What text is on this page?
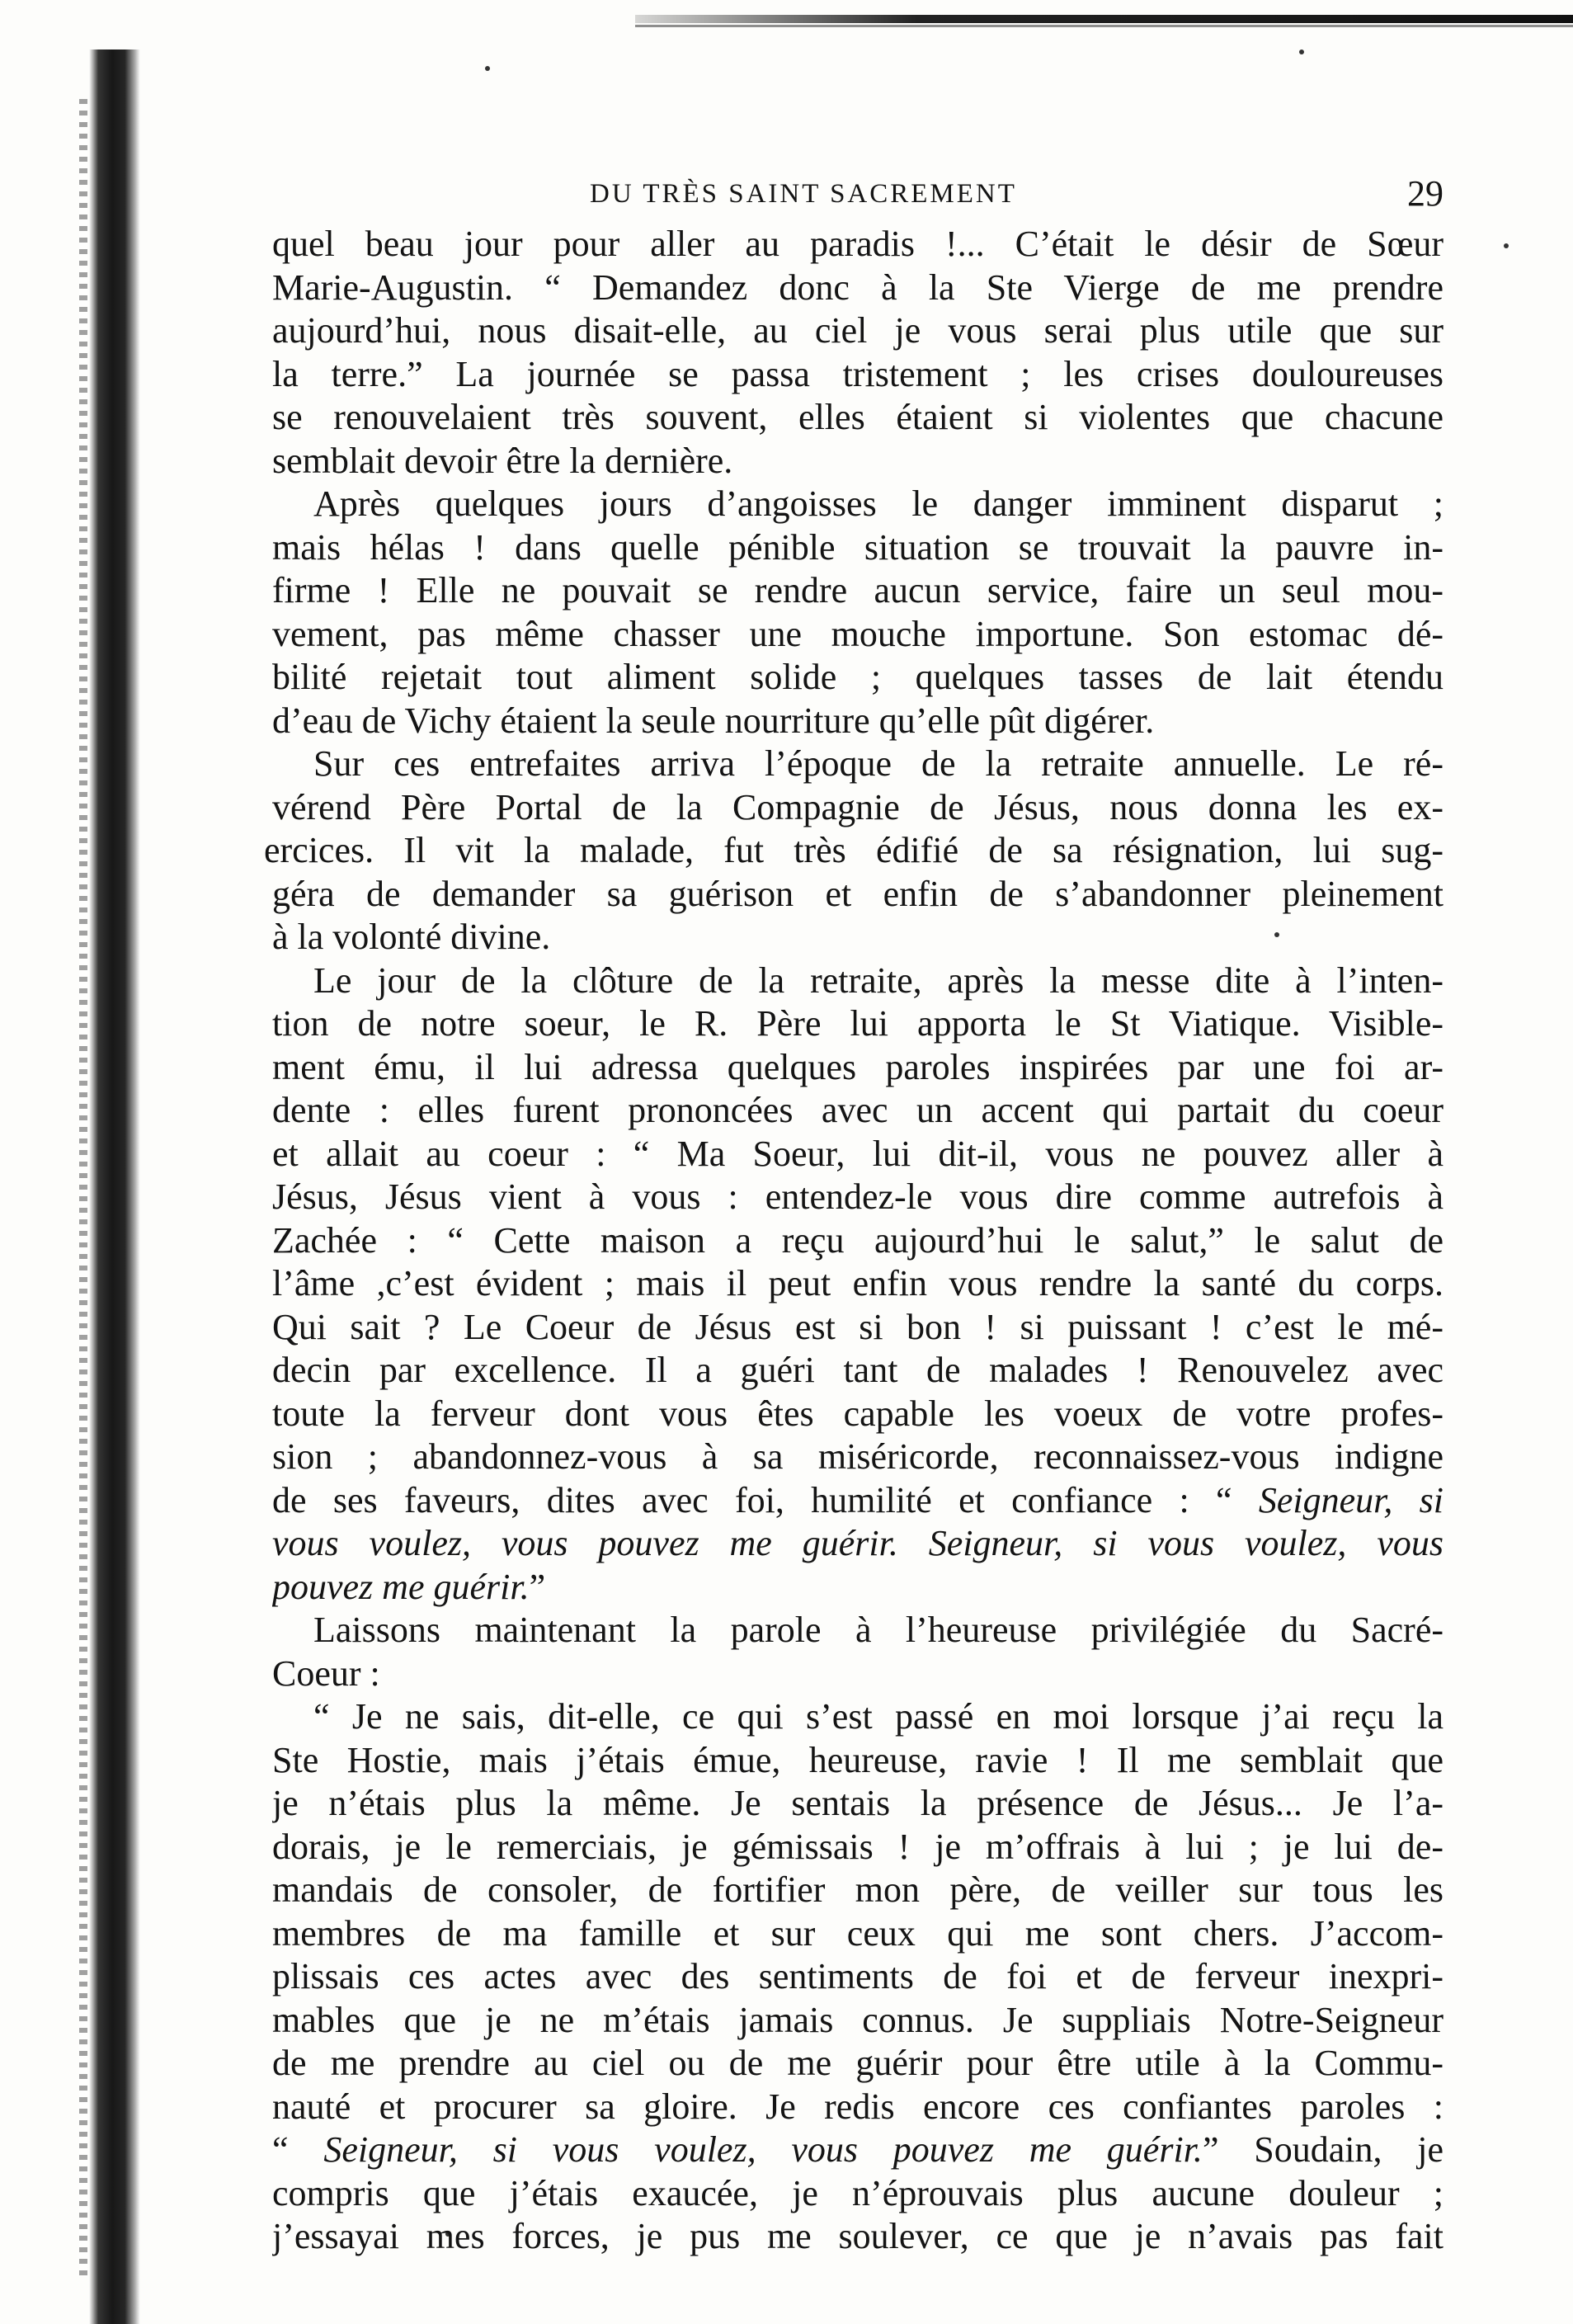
DU TRÈS SAINT SACREMENT	29
quel beau jour pour aller au paradis !... C’était le désir de Sœur
Marie-Augustin. “ Demandez donc à la Ste Vierge de me prendre
aujourd’hui, nous disait-elle, au ciel je vous serai plus utile que sur
la terre.” La journée se passa tristement ; les crises douloureuses
se renouvelaient très souvent, elles étaient si violentes que chacune
semblait devoir être la dernière.
Après quelques jours d’angoisses le danger imminent disparut ;
mais hélas ! dans quelle pénible situation se trouvait la pauvre in-
firme ! Elle ne pouvait se rendre aucun service, faire un seul mou-
vement, pas même chasser une mouche importune. Son estomac dé-
bilité rejetait tout aliment solide ; quelques tasses de lait étendu
d’eau de Vichy étaient la seule nourriture qu’elle pût digérer.
Sur ces entrefaites arriva l’époque de la retraite annuelle. Le ré-
vérend Père Portal de la Compagnie de Jésus, nous donna les ex-
ercices. Il vit la malade, fut très édifié de sa résignation, lui sug-
géra de demander sa guérison et enfin de s’abandonner pleinement
à la volonté divine.
Le jour de la clôture de la retraite, après la messe dite à l’inten-
tion de notre soeur, le R. Père lui apporta le St Viatique. Visible-
ment ému, il lui adressa quelques paroles inspirées par une foi ar-
dente : elles furent prononcées avec un accent qui partait du coeur
et allait au coeur : “ Ma Soeur, lui dit-il, vous ne pouvez aller à
Jésus, Jésus vient à vous : entendez-le vous dire comme autrefois à
Zachée : “ Cette maison a reçu aujourd’hui le salut,” le salut de
l’âme ,c’est évident ; mais il peut enfin vous rendre la santé du corps.
Qui sait ? Le Coeur de Jésus est si bon ! si puissant ! c’est le mé-
decin par excellence. Il a guéri tant de malades ! Renouvelez avec
toute la ferveur dont vous êtes capable les voeux de votre profes-
sion ; abandonnez-vous à sa miséricorde, reconnaissez-vous indigne
de ses faveurs, dites avec foi, humilité et confiance : “ Seigneur, si
vous voulez, vous pouvez me guérir. Seigneur, si vous voulez, vous
pouvez me guérir.”
Laissons maintenant la parole à l’heureuse privilégiée du Sacré-
Coeur :
“ Je ne sais, dit-elle, ce qui s’est passé en moi lorsque j’ai reçu la
Ste Hostie, mais j’étais émue, heureuse, ravie ! Il me semblait que
je n’étais plus la même. Je sentais la présence de Jésus... Je l’a-
dorais, je le remerciais, je gémissais ! je m’offrais à lui ; je lui de-
mandais de consoler, de fortifier mon père, de veiller sur tous les
membres de ma famille et sur ceux qui me sont chers. J’accom-
plissais ces actes avec des sentiments de foi et de ferveur inexpri-
mables que je ne m’étais jamais connus. Je suppliais Notre-Seigneur
de me prendre au ciel ou de me guérir pour être utile à la Commu-
nauté et procurer sa gloire. Je redis encore ces confiantes paroles :
“ Seigneur, si vous voulez, vous pouvez me guérir.” Soudain, je
compris que j’étais exaucée, je n’éprouvais plus aucune douleur ;
j’essayai mes forces, je pus me soulever, ce que je n’avais pas fait
